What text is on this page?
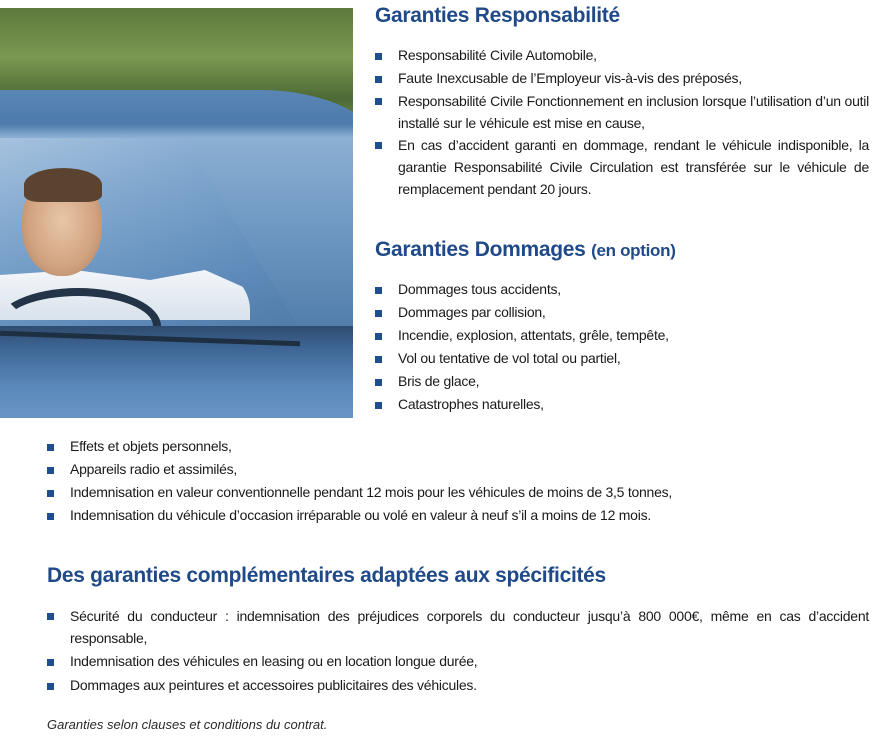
Garanties Responsabilité
Responsabilité Civile Automobile,
Faute Inexcusable de l’Employeur vis-à-vis des préposés,
Responsabilité Civile Fonctionnement en inclusion lorsque l’utilisation d’un outil installé sur le véhicule est mise en cause,
En cas d’accident garanti en dommage, rendant le véhicule indisponible, la garantie Responsabilité Civile Circulation est transférée sur le véhicule de remplacement pendant 20 jours.
Garanties Dommages (en option)
Dommages tous accidents,
Dommages par collision,
Incendie, explosion, attentats, grêle, tempête,
Vol ou tentative de vol total ou partiel,
Bris de glace,
Catastrophes naturelles,
Effets et objets personnels,
Appareils radio et assimilés,
Indemnisation en valeur conventionnelle pendant 12 mois pour les véhicules de moins de 3,5 tonnes,
Indemnisation du véhicule d’occasion irréparable ou volé en valeur à neuf s’il a moins de 12 mois.
Des garanties complémentaires adaptées aux spécificités
Sécurité du conducteur : indemnisation des préjudices corporels du conducteur jusqu’à 800 000€, même en cas d’accident responsable,
Indemnisation des véhicules en leasing ou en location longue durée,
Dommages aux peintures et accessoires publicitaires des véhicules.
Garanties selon clauses et conditions du contrat.
